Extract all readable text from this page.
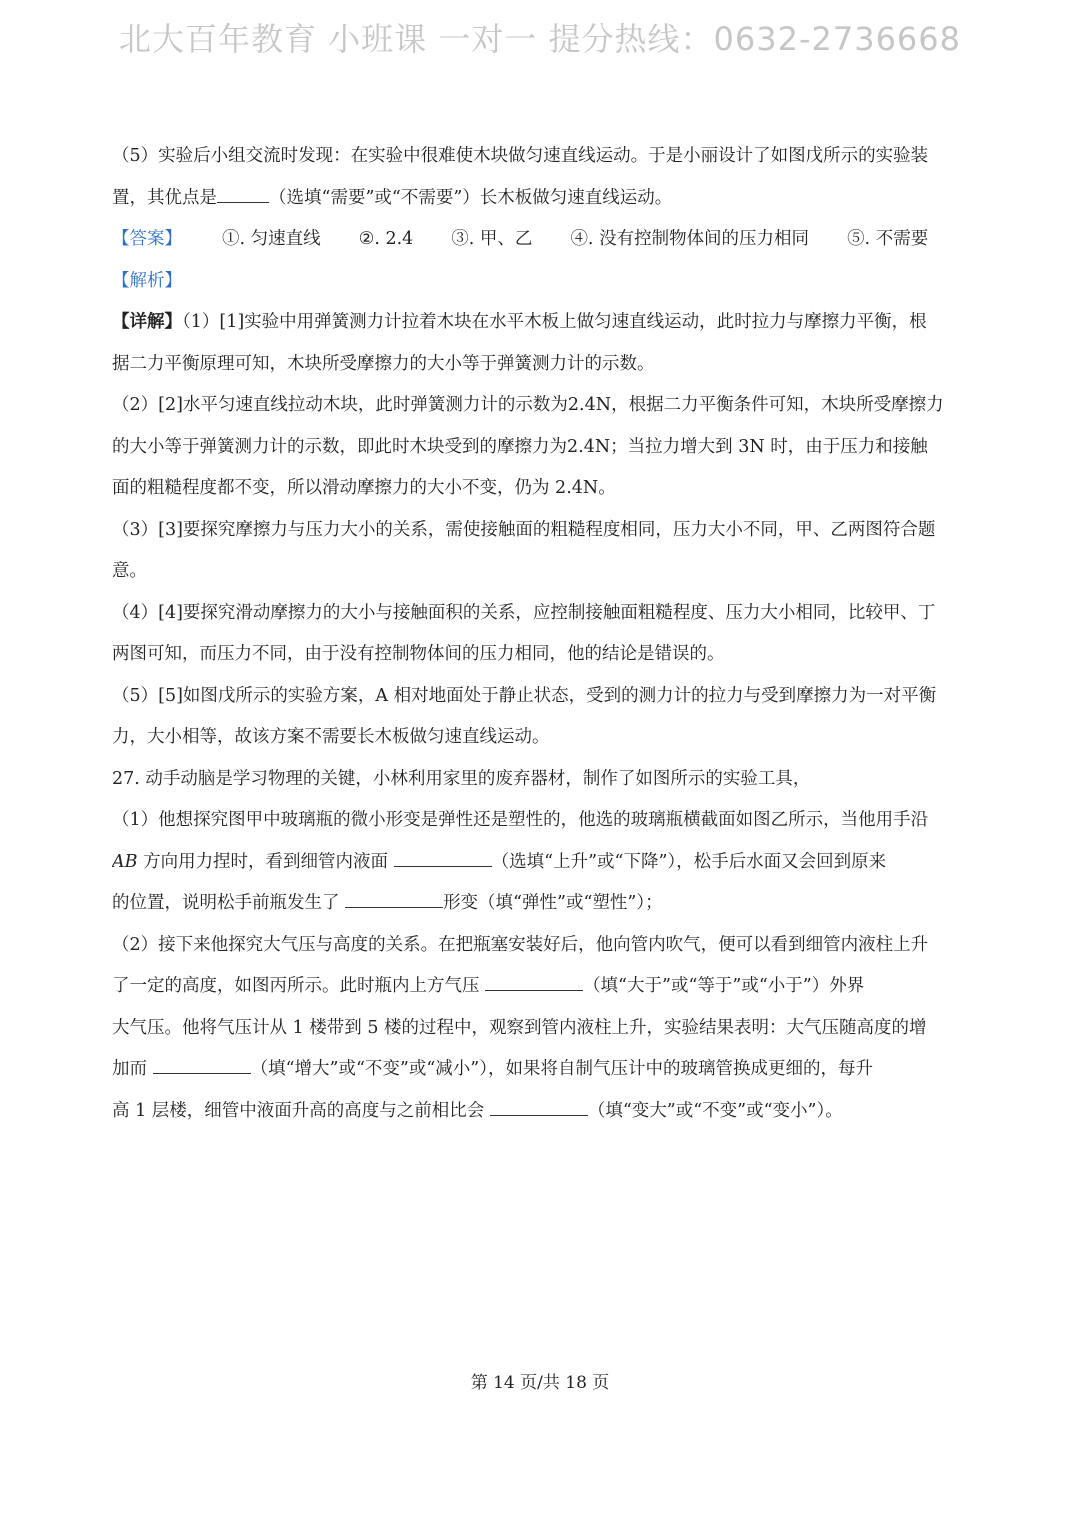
北大百年教育 小班课 一对一 提分热线：0632-2736668
（5）实验后小组交流时发现：在实验中很难使木块做匀速直线运动。于是小丽设计了如图戊所示的实验装
置，其优点是	（选填“需要”或“不需要”）长木板做匀速直线运动。
【答案】 ①. 匀速直线 ②. 2.4 ③. 甲、乙 ④. 没有控制物体间的压力相同 ⑤. 不需要
【解析】
【详解】（1）[1]实验中用弹簧测力计拉着木块在水平木板上做匀速直线运动，此时拉力与摩擦力平衡，根
据二力平衡原理可知，木块所受摩擦力的大小等于弹簧测力计的示数。
（2）[2]水平匀速直线拉动木块，此时弹簧测力计的示数为2.4N，根据二力平衡条件可知，木块所受摩擦力
的大小等于弹簧测力计的示数，即此时木块受到的摩擦力为2.4N；当拉力增大到 3N 时，由于压力和接触
面的粗糙程度都不变，所以滑动摩擦力的大小不变，仍为 2.4N。
（3）[3]要探究摩擦力与压力大小的关系，需使接触面的粗糙程度相同，压力大小不同，甲、乙两图符合题
意。
（4）[4]要探究滑动摩擦力的大小与接触面积的关系，应控制接触面粗糙程度、压力大小相同，比较甲、丁
两图可知，而压力不同，由于没有控制物体间的压力相同，他的结论是错误的。
（5）[5]如图戊所示的实验方案，A 相对地面处于静止状态，受到的测力计的拉力与受到摩擦力为一对平衡
力，大小相等，故该方案不需要长木板做匀速直线运动。
27. 动手动脑是学习物理的关键，小林利用家里的废弃器材，制作了如图所示的实验工具，
（1）他想探究图甲中玻璃瓶的微小形变是弹性还是塑性的，他选的玻璃瓶横截面如图乙所示，当他用手沿
AB 方向用力捏时，看到细管内液面	（选填“上升”或“下降”），松手后水面又会回到原来
的位置，说明松手前瓶发生了	形变（填“弹性”或“塑性”）；
（2）接下来他探究大气压与高度的关系。在把瓶塞安装好后，他向管内吹气，便可以看到细管内液柱上升
了一定的高度，如图丙所示。此时瓶内上方气压	（填“大于”或“等于”或“小于”）外界
大气压。他将气压计从 1 楼带到 5 楼的过程中，观察到管内液柱上升，实验结果表明：大气压随高度的增
加而	（填“增大”或“不变”或“减小”），如果将自制气压计中的玻璃管换成更细的，每升
高 1 层楼，细管中液面升高的高度与之前相比会	（填“变大”或“不变”或“变小”）。
第 14 页/共 18 页
